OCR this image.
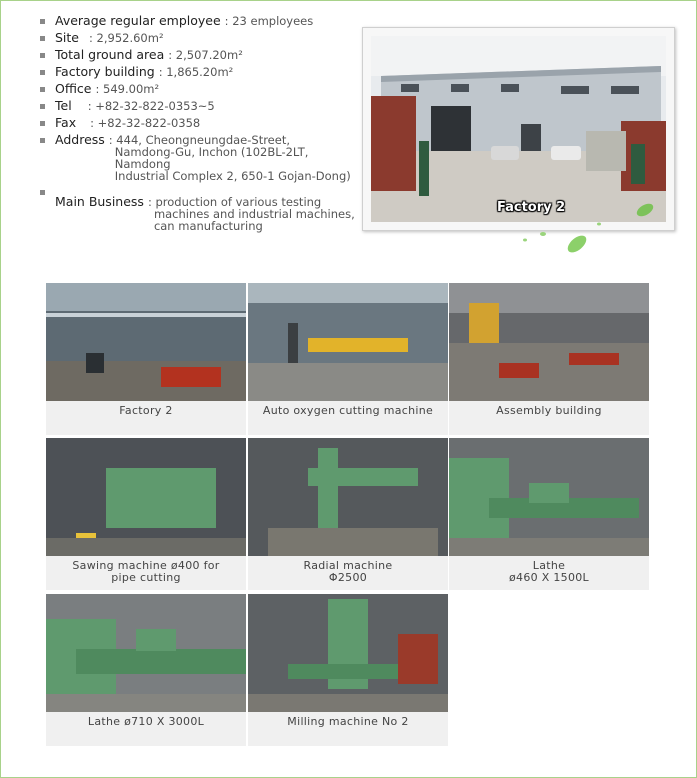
Average regular employee : 23 employees
Site : 2,952.60m²
Total ground area : 2,507.20m²
Factory building : 1,865.20m²
Office : 549.00m²
Tel : +82-32-822-0353~5
Fax : +82-32-822-0358
Address : 444, Cheongneungdae-Street,
Namdong-Gu, Inchon (102BL-2LT, Namdong
Industrial Complex 2, 650-1 Gojan-Dong)
Main Business : production of various testing
machines and industrial machines,
can manufacturing
Factory 2
Factory 2	Auto oxygen cutting machine	Assembly building
Sawing machine ø400 for
pipe cutting
Radial machine
Φ2500
Lathe
ø460 X 1500L
Lathe ø710 X 3000L	Milling machine No 2
